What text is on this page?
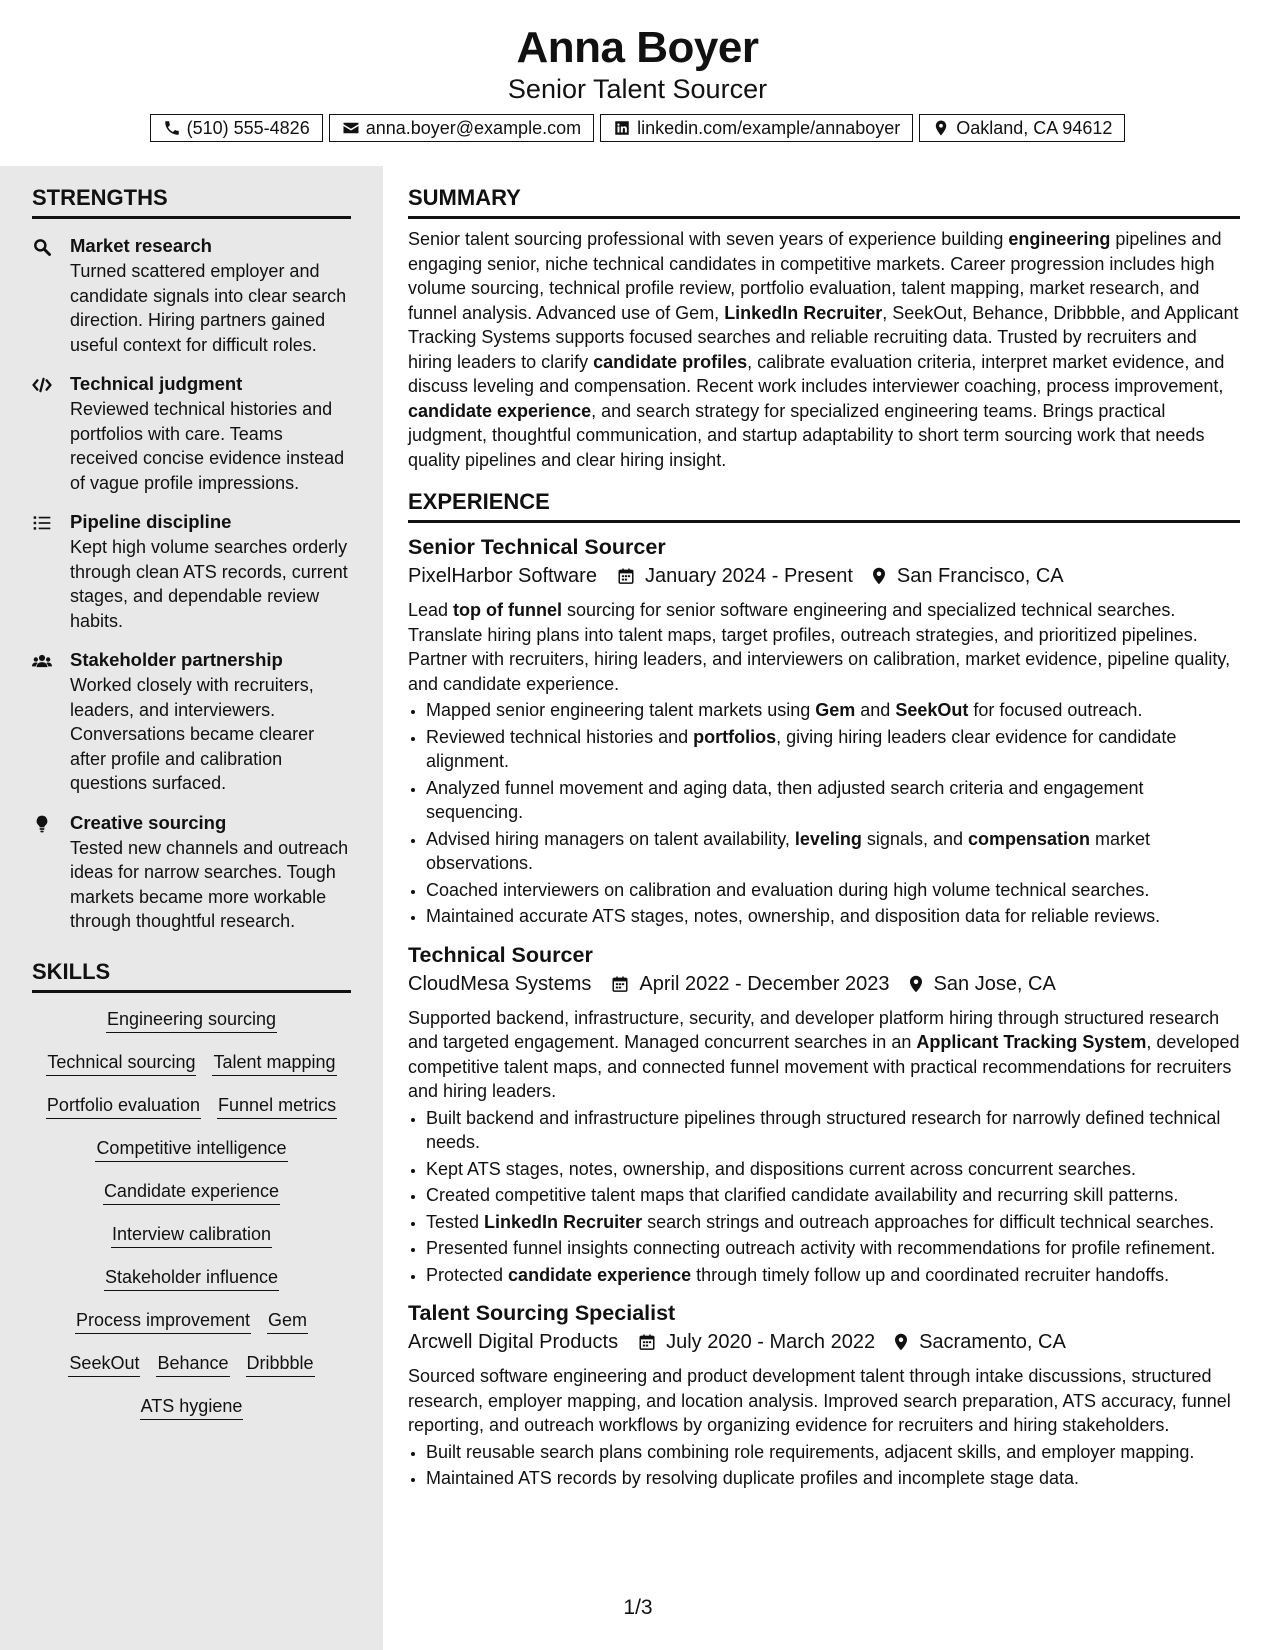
Anna Boyer
Senior Talent Sourcer
(510) 555-4826	anna.boyer@example.com	linkedin.com/example/annaboyer	Oakland, CA 94612
STRENGTHS
Market research
Turned scattered employer and candidate signals into clear search direction. Hiring partners gained useful context for difficult roles.
Technical judgment
Reviewed technical histories and portfolios with care. Teams received concise evidence instead of vague profile impressions.
Pipeline discipline
Kept high volume searches orderly through clean ATS records, current stages, and dependable review habits.
Stakeholder partnership
Worked closely with recruiters, leaders, and interviewers. Conversations became clearer after profile and calibration questions surfaced.
Creative sourcing
Tested new channels and outreach ideas for narrow searches. Tough markets became more workable through thoughtful research.
SKILLS
Engineering sourcing
Technical sourcing Talent mapping
Portfolio evaluation Funnel metrics
Competitive intelligence
Candidate experience
Interview calibration
Stakeholder influence
Process improvement Gem
SeekOut Behance Dribbble
ATS hygiene
SUMMARY
Senior talent sourcing professional with seven years of experience building engineering pipelines and engaging senior, niche technical candidates in competitive markets. Career progression includes high volume sourcing, technical profile review, portfolio evaluation, talent mapping, market research, and funnel analysis. Advanced use of Gem, LinkedIn Recruiter, SeekOut, Behance, Dribbble, and Applicant Tracking Systems supports focused searches and reliable recruiting data. Trusted by recruiters and hiring leaders to clarify candidate profiles, calibrate evaluation criteria, interpret market evidence, and discuss leveling and compensation. Recent work includes interviewer coaching, process improvement, candidate experience, and search strategy for specialized engineering teams. Brings practical judgment, thoughtful communication, and startup adaptability to short term sourcing work that needs quality pipelines and clear hiring insight.
EXPERIENCE
Senior Technical Sourcer
PixelHarbor Software January 2024 - Present San Francisco, CA
Lead top of funnel sourcing for senior software engineering and specialized technical searches. Translate hiring plans into talent maps, target profiles, outreach strategies, and prioritized pipelines. Partner with recruiters, hiring leaders, and interviewers on calibration, market evidence, pipeline quality, and candidate experience.
• Mapped senior engineering talent markets using Gem and SeekOut for focused outreach.
• Reviewed technical histories and portfolios, giving hiring leaders clear evidence for candidate alignment.
• Analyzed funnel movement and aging data, then adjusted search criteria and engagement sequencing.
• Advised hiring managers on talent availability, leveling signals, and compensation market observations.
• Coached interviewers on calibration and evaluation during high volume technical searches.
• Maintained accurate ATS stages, notes, ownership, and disposition data for reliable reviews.
Technical Sourcer
CloudMesa Systems April 2022 - December 2023 San Jose, CA
Supported backend, infrastructure, security, and developer platform hiring through structured research and targeted engagement. Managed concurrent searches in an Applicant Tracking System, developed competitive talent maps, and connected funnel movement with practical recommendations for recruiters and hiring leaders.
• Built backend and infrastructure pipelines through structured research for narrowly defined technical needs.
• Kept ATS stages, notes, ownership, and dispositions current across concurrent searches.
• Created competitive talent maps that clarified candidate availability and recurring skill patterns.
• Tested LinkedIn Recruiter search strings and outreach approaches for difficult technical searches.
• Presented funnel insights connecting outreach activity with recommendations for profile refinement.
• Protected candidate experience through timely follow up and coordinated recruiter handoffs.
Talent Sourcing Specialist
Arcwell Digital Products July 2020 - March 2022 Sacramento, CA
Sourced software engineering and product development talent through intake discussions, structured research, employer mapping, and location analysis. Improved search preparation, ATS accuracy, funnel reporting, and outreach workflows by organizing evidence for recruiters and hiring stakeholders.
• Built reusable search plans combining role requirements, adjacent skills, and employer mapping.
• Maintained ATS records by resolving duplicate profiles and incomplete stage data.
1/3
